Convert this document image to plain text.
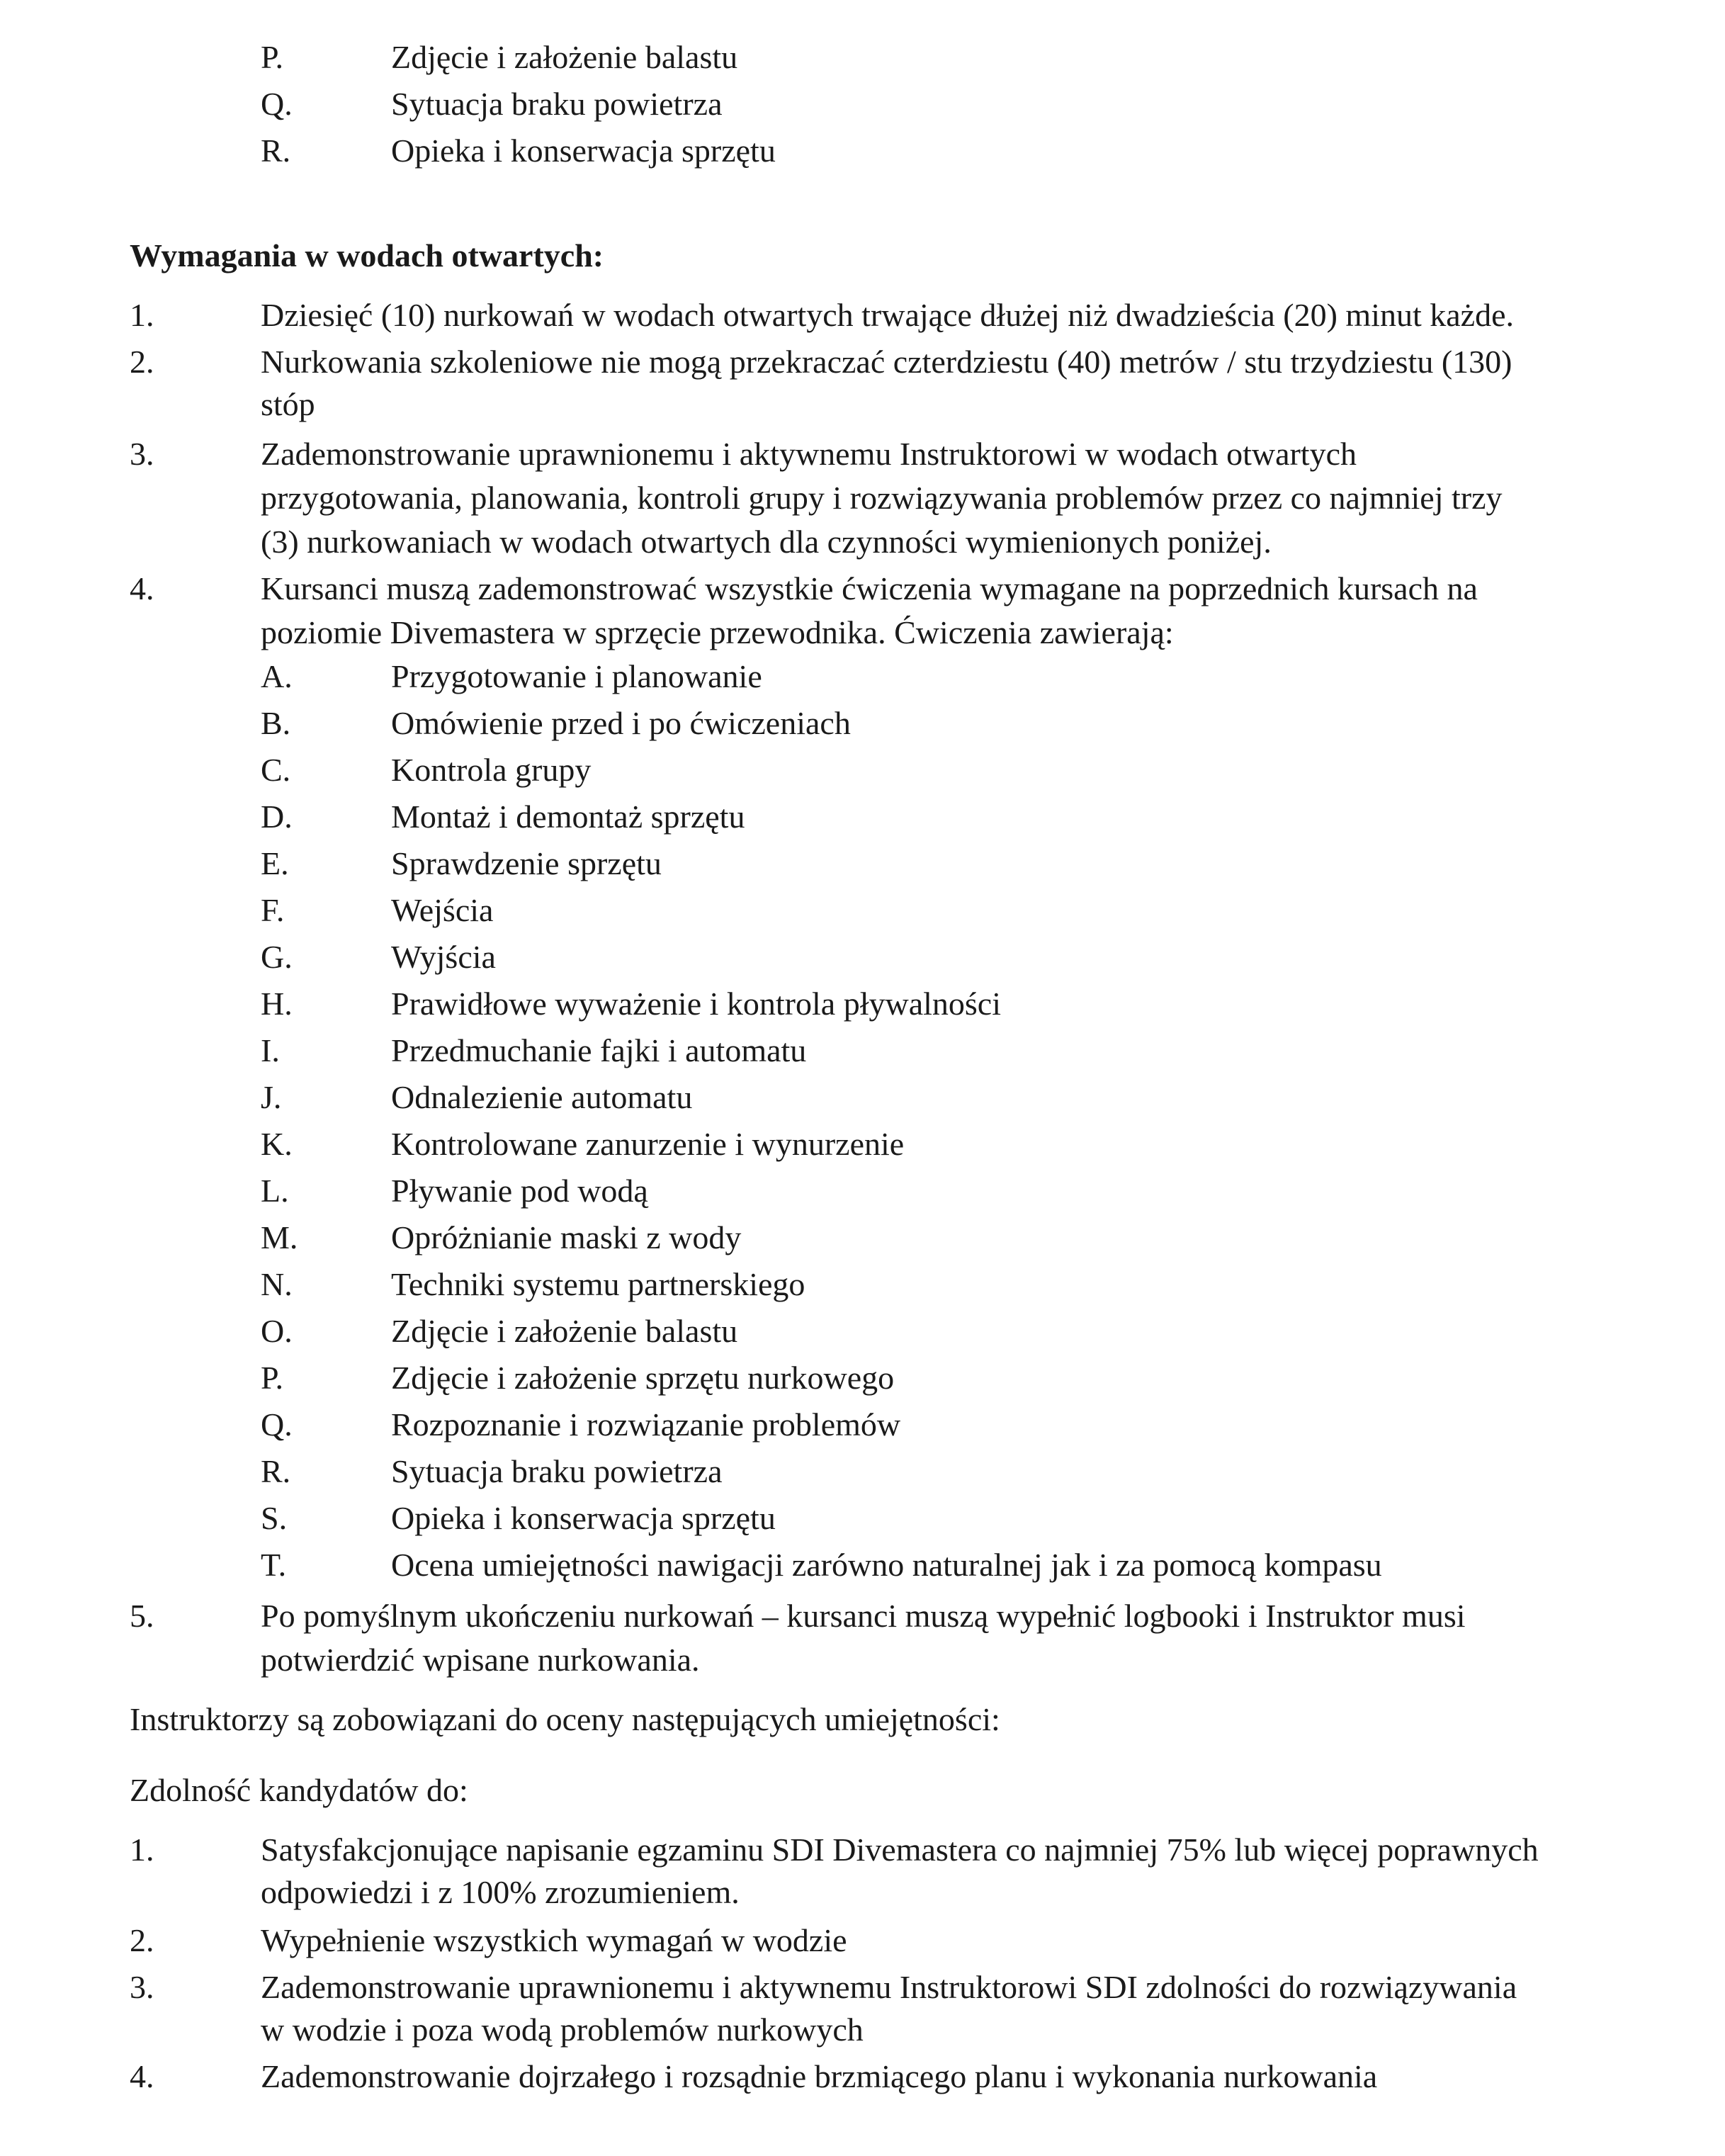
P.	Zdjęcie i założenie balastu
Q.	Sytuacja braku powietrza
R.	Opieka i konserwacja sprzętu
Wymagania w wodach otwartych:
1.	Dziesięć (10) nurkowań w wodach otwartych trwające dłużej niż dwadzieścia (20) minut każde.
2.	Nurkowania szkoleniowe nie mogą przekraczać czterdziestu (40) metrów / stu trzydziestu (130)
stóp
3.	Zademonstrowanie uprawnionemu i aktywnemu Instruktorowi w wodach otwartych
przygotowania, planowania, kontroli grupy i rozwiązywania problemów przez co najmniej trzy
(3) nurkowaniach w wodach otwartych dla czynności wymienionych poniżej.
4.	Kursanci muszą zademonstrować wszystkie ćwiczenia wymagane na poprzednich kursach na
poziomie Divemastera w sprzęcie przewodnika. Ćwiczenia zawierają:
A.	Przygotowanie i planowanie
B.	Omówienie przed i po ćwiczeniach
C.	Kontrola grupy
D.	Montaż i demontaż sprzętu
E.	Sprawdzenie sprzętu
F.	Wejścia
G.	Wyjścia
H.	Prawidłowe wyważenie i kontrola pływalności
I.	Przedmuchanie fajki i automatu
J.	Odnalezienie automatu
K.	Kontrolowane zanurzenie i wynurzenie
L.	Pływanie pod wodą
M.	Opróżnianie maski z wody
N.	Techniki systemu partnerskiego
O.	Zdjęcie i założenie balastu
P.	Zdjęcie i założenie sprzętu nurkowego
Q.	Rozpoznanie i rozwiązanie problemów
R.	Sytuacja braku powietrza
S.	Opieka i konserwacja sprzętu
T.	Ocena umiejętności nawigacji zarówno naturalnej jak i za pomocą kompasu
5.	Po pomyślnym ukończeniu nurkowań – kursanci muszą wypełnić logbooki i Instruktor musi
potwierdzić wpisane nurkowania.
Instruktorzy są zobowiązani do oceny następujących umiejętności:
Zdolność kandydatów do:
1.	Satysfakcjonujące napisanie egzaminu SDI Divemastera co najmniej 75% lub więcej poprawnych
odpowiedzi i z 100% zrozumieniem.
2.	Wypełnienie wszystkich wymagań w wodzie
3.	Zademonstrowanie uprawnionemu i aktywnemu Instruktorowi SDI zdolności do rozwiązywania
w wodzie i poza wodą problemów nurkowych
4.	Zademonstrowanie dojrzałego i rozsądnie brzmiącego planu i wykonania nurkowania
